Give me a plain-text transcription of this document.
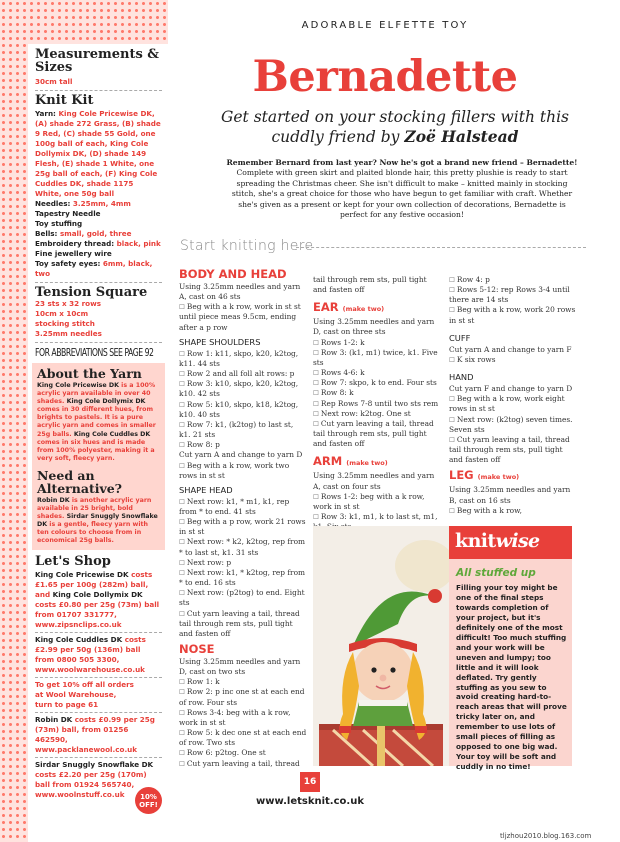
Measurements & Sizes
30cm tall
Knit Kit

Yarn: King Cole Pricewise DK, (A) shade 272 Grass, (B) shade 9 Red, (C) shade 55 Gold, one 100g ball of each, King Cole Dollymix DK, (D) shade 149 Flesh, (E) shade 1 White, one 25g ball of each, (F) King Cole Cuddles DK, shade 1175 White, one 50g ball

Needles: 3.25mm, 4mm

Tapestry Needle

Toy stuffing

Bells: small, gold, three

Embroidery thread: black, pink

Fine jewellery wire

Toy safety eyes: 6mm, black, two

Tension Square
23 sts x 32 rows
10cm x 10cm
stocking stitch
3.25mm needles
FOR ABBREVIATIONS SEE PAGE 92
About the Yarn
King Cole Pricewise DK is a 100% acrylic yarn available in over 40 shades. King Cole Dollymix DK comes in 30 different hues, from brights to pastels. It is a pure acrylic yarn and comes in smaller 25g balls. King Cole Cuddles DK comes in six hues and is made from 100% polyester, making it a very soft, fleecy yarn.
Need an Alternative?
Robin DK is another acrylic yarn available in 25 bright, bold shades. Sirdar Snuggly Snowflake DK is a gentle, fleecy yarn with ten colours to choose from in economical 25g balls.
Let's Shop
King Cole Pricewise DK costs £1.65 per 100g (282m) ball, and King Cole Dollymix DK costs £0.80 per 25g (73m) ball from 01707 331777, www.zipsnclips.co.uk
King Cole Cuddles DK costs £2.99 per 50g (136m) ball from 0800 505 3300, www.woolwarehouse.co.uk
To get 10% off all orders at Wool Warehouse, turn to page 61
10%
OFF!
Robin DK costs £0.99 per 25g (73m) ball, from 01256 462590, www.packlanewool.co.uk
Sirdar Snuggly Snowflake DK costs £2.20 per 25g (170m) ball from 01924 565740, www.woolnstuff.co.uk
ADORABLE ELFETTE TOY
Bernadette
Get started on your stocking fillers with this
cuddly friend by Zoë Halstead
Remember Bernard from last year? Now he's got a brand new friend – Bernadette! Complete with green skirt and plaited blonde hair, this pretty plushie is ready to start spreading the Christmas cheer. She isn't difficult to make – knitted mainly in stocking stitch, she's a great choice for those who have begun to get familiar with craft. Whether she's given as a present or kept for your own collection of decorations, Bernadette is perfect for any festive occasion!
Start knitting here
BODY AND HEAD

Using 3.25mm needles and yarn A, cast on 46 sts

☐ Beg with a k row, work in st st until piece meas 9.5cm, ending after a p row

SHAPE SHOULDERS

☐ Row 1: k11, skpo, k20, k2tog, k11. 44 sts

☐ Row 2 and all foll alt rows: p

☐ Row 3: k10, skpo, k20, k2tog, k10. 42 sts

☐ Row 5: k10, skpo, k18, k2tog, k10. 40 sts

☐ Row 7: k1, (k2tog) to last st, k1. 21 sts

☐ Row 8: p

Cut yarn A and change to yarn D

☐ Beg with a k row, work two rows in st st

SHAPE HEAD

☐ Next row: k1, * m1, k1, rep from * to end. 41 sts

☐ Beg with a p row, work 21 rows in st st

☐ Next row: * k2, k2tog, rep from * to last st, k1. 31 sts

☐ Next row: p

☐ Next row: k1, * k2tog, rep from * to end. 16 sts

☐ Next row: (p2tog) to end. Eight sts

☐ Cut yarn leaving a tail, thread tail through rem sts, pull tight and fasten off

NOSE

Using 3.25mm needles and yarn D, cast on two sts

☐ Row 1: k

☐ Row 2: p inc one st at each end of row. Four sts

☐ Rows 3-4: beg with a k row, work in st st

☐ Row 5: k dec one st at each end of row. Two sts

☐ Row 6: p2tog. One st

☐ Cut yarn leaving a tail, thread

tail through rem sts, pull tight and fasten off

EAR (make two)

Using 3.25mm needles and yarn D, cast on three sts

☐ Rows 1-2: k

☐ Row 3: (k1, m1) twice, k1. Five sts

☐ Rows 4-6: k

☐ Row 7: skpo, k to end. Four sts

☐ Row 8: k

☐ Rep Rows 7-8 until two sts rem

☐ Next row: k2tog. One st

☐ Cut yarn leaving a tail, thread tail through rem sts, pull tight and fasten off

ARM (make two)

Using 3.25mm needles and yarn A, cast on four sts

☐ Rows 1-2: beg with a k row, work in st st

☐ Row 3: k1, m1, k to last st, m1,

☐ Row 4: p

☐ Rows 5-12: rep Rows 3-4 until there are 14 sts

☐ Beg with a k row, work 20 rows in st st

CUFF

Cut yarn A and change to yarn F

☐ K six rows

HAND

Cut yarn F and change to yarn D

☐ Beg with a k row, work eight rows in st st

☐ Next row: (k2tog) seven times. Seven sts

☐ Cut yarn leaving a tail, thread tail through rem sts, pull tight and fasten off

LEG (make two)

Using 3.25mm needles and yarn B, cast on 16 sts

☐ Beg with a k row,

knitwise
All stuffed up
Filling your toy might be one of the final steps towards completion of your project, but it's definitely one of the most difficult! Too much stuffing and your work will be uneven and lumpy; too little and it will look deflated. Try gently stuffing as you sew to avoid creating hard-to-reach areas that will prove tricky later on, and remember to use lots of small pieces of filling as opposed to one big wad. Your toy will be soft and cuddly in no time!
16
www.letsknit.co.uk
tljzhou2010.blog.163.com
